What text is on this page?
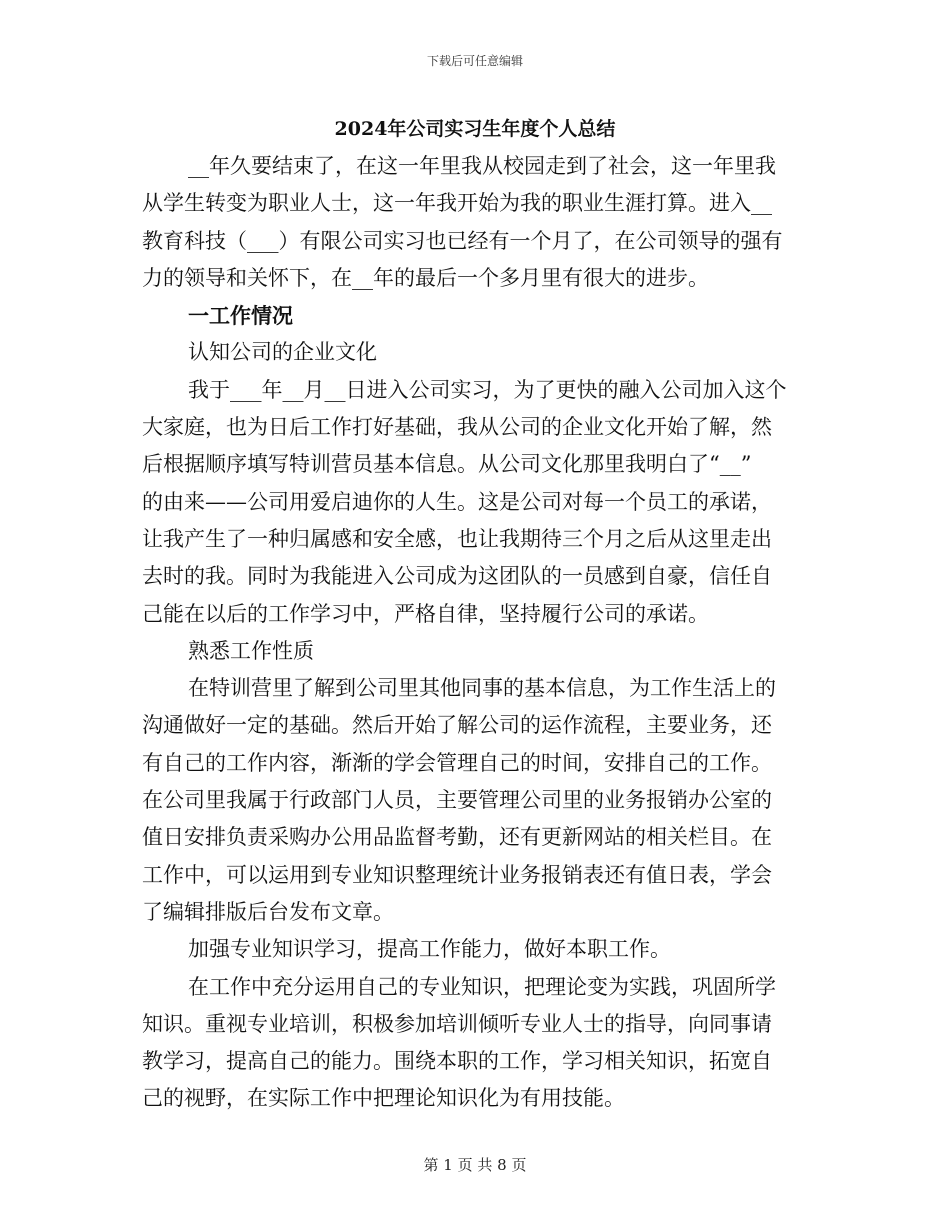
下载后可任意编辑
2024年公司实习生年度个人总结
__年久要结束了，在这一年里我从校园走到了社会，这一年里我
从学生转变为职业人士，这一年我开始为我的职业生涯打算。进入__
教育科技（___）有限公司实习也已经有一个月了，在公司领导的强有
力的领导和关怀下，在__年的最后一个多月里有很大的进步。
一工作情况
认知公司的企业文化
我于___年__月__日进入公司实习，为了更快的融入公司加入这个
大家庭，也为日后工作打好基础，我从公司的企业文化开始了解，然
后根据顺序填写特训营员基本信息。从公司文化那里我明白了“__”
的由来——公司用爱启迪你的人生。这是公司对每一个员工的承诺，
让我产生了一种归属感和安全感，也让我期待三个月之后从这里走出
去时的我。同时为我能进入公司成为这团队的一员感到自豪，信任自
己能在以后的工作学习中，严格自律，坚持履行公司的承诺。
熟悉工作性质
在特训营里了解到公司里其他同事的基本信息，为工作生活上的
沟通做好一定的基础。然后开始了解公司的运作流程，主要业务，还
有自己的工作内容，渐渐的学会管理自己的时间，安排自己的工作。
在公司里我属于行政部门人员，主要管理公司里的业务报销办公室的
值日安排负责采购办公用品监督考勤，还有更新网站的相关栏目。在
工作中，可以运用到专业知识整理统计业务报销表还有值日表，学会
了编辑排版后台发布文章。
加强专业知识学习，提高工作能力，做好本职工作。
在工作中充分运用自己的专业知识，把理论变为实践，巩固所学
知识。重视专业培训，积极参加培训倾听专业人士的指导，向同事请
教学习，提高自己的能力。围绕本职的工作，学习相关知识，拓宽自
己的视野，在实际工作中把理论知识化为有用技能。
第 1 页 共 8 页
